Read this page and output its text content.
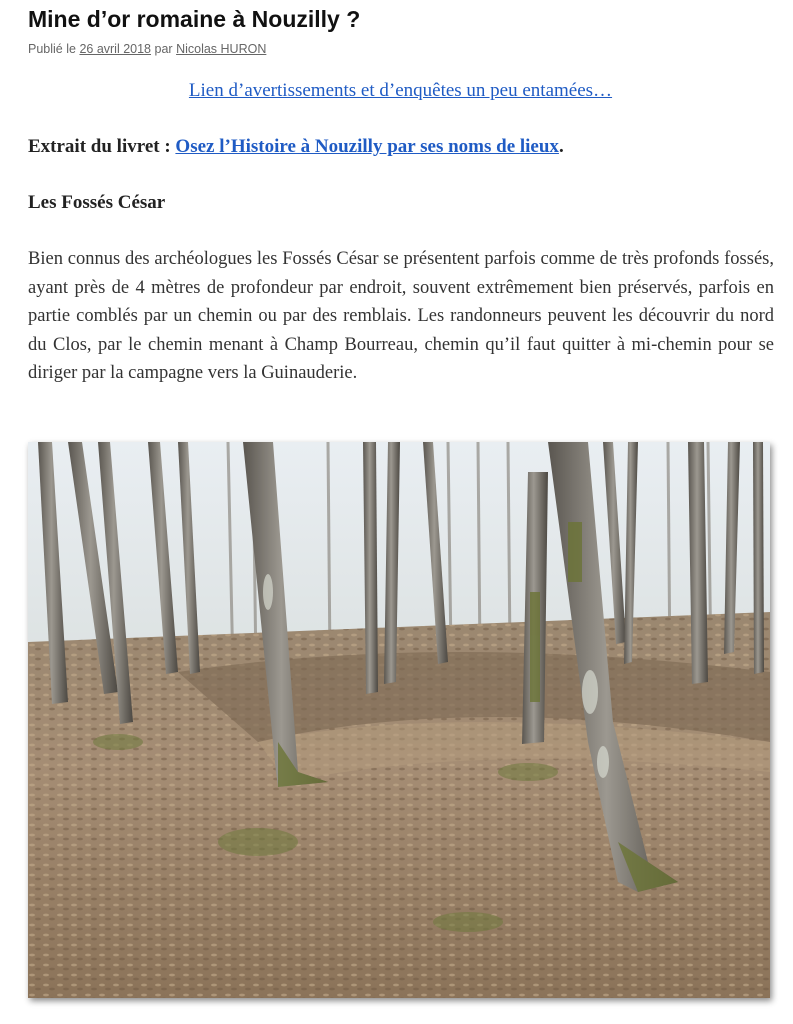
Mine d’or romaine à Nouzilly ?
Publié le 26 avril 2018 par Nicolas HURON
Lien d’avertissements et d’enquêtes un peu entamées…
Extrait du livret : Osez l’Histoire à Nouzilly par ses noms de lieux.
Les Fossés César

Bien connus des archéologues les Fossés César se présentent parfois comme de très profonds fossés, ayant près de 4 mètres de profondeur par endroit, souvent extrêmement bien préservés, parfois en partie comblés par un chemin ou par des remblais. Les randonneurs peuvent les découvrir du nord du Clos, par le chemin menant à Champ Bourreau, chemin qu’il faut quitter à mi-chemin pour se diriger par la campagne vers la Guinauderie.
